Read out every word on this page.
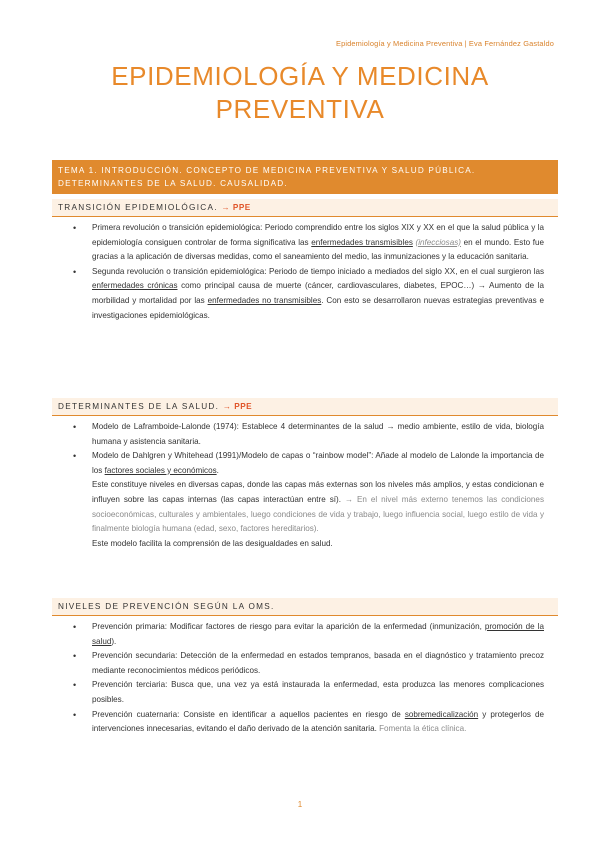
Epidemiología y Medicina Preventiva | Eva Fernández Gastaldo
EPIDEMIOLOGÍA Y MEDICINA
PREVENTIVA
TEMA 1. INTRODUCCIÓN. CONCEPTO DE MEDICINA PREVENTIVA Y SALUD PÚBLICA.
DETERMINANTES DE LA SALUD. CAUSALIDAD.
TRANSICIÓN EPIDEMIOLÓGICA. → PPE
• Primera revolución o transición epidemiológica: Periodo comprendido entre los siglos XIX y XX en el que la salud pública y la epidemiología consiguen controlar de forma significativa las enfermedades transmisibles (infecciosas) en el mundo. Esto fue gracias a la aplicación de diversas medidas, como el saneamiento del medio, las inmunizaciones y la educación sanitaria.
• Segunda revolución o transición epidemiológica: Periodo de tiempo iniciado a mediados del siglo XX, en el cual surgieron las enfermedades crónicas como principal causa de muerte (cáncer, cardiovasculares, diabetes, EPOC…) → Aumento de la morbilidad y mortalidad por las enfermedades no transmisibles. Con esto se desarrollaron nuevas estrategias preventivas e investigaciones epidemiológicas.
DETERMINANTES DE LA SALUD. → PPE
• Modelo de Laframboide-Lalonde (1974): Establece 4 determinantes de la salud → medio ambiente, estilo de vida, biología humana y asistencia sanitaria.
• Modelo de Dahlgren y Whitehead (1991)/Modelo de capas o “rainbow model”: Añade al modelo de Lalonde la importancia de los factores sociales y económicos.
Este constituye niveles en diversas capas, donde las capas más externas son los niveles más amplios, y estas condicionan e influyen sobre las capas internas (las capas interactúan entre sí). → En el nivel más externo tenemos las condiciones socioeconómicas, culturales y ambientales, luego condiciones de vida y trabajo, luego influencia social, luego estilo de vida y finalmente biología humana (edad, sexo, factores hereditarios).
Este modelo facilita la comprensión de las desigualdades en salud.
NIVELES DE PREVENCIÓN SEGÚN LA OMS.
• Prevención primaria: Modificar factores de riesgo para evitar la aparición de la enfermedad (inmunización, promoción de la salud).
• Prevención secundaria: Detección de la enfermedad en estados tempranos, basada en el diagnóstico y tratamiento precoz mediante reconocimientos médicos periódicos.
• Prevención terciaria: Busca que, una vez ya está instaurada la enfermedad, esta produzca las menores complicaciones posibles.
• Prevención cuaternaria: Consiste en identificar a aquellos pacientes en riesgo de sobremedicalización y protegerlos de intervenciones innecesarias, evitando el daño derivado de la atención sanitaria. Fomenta la ética clínica.
1
